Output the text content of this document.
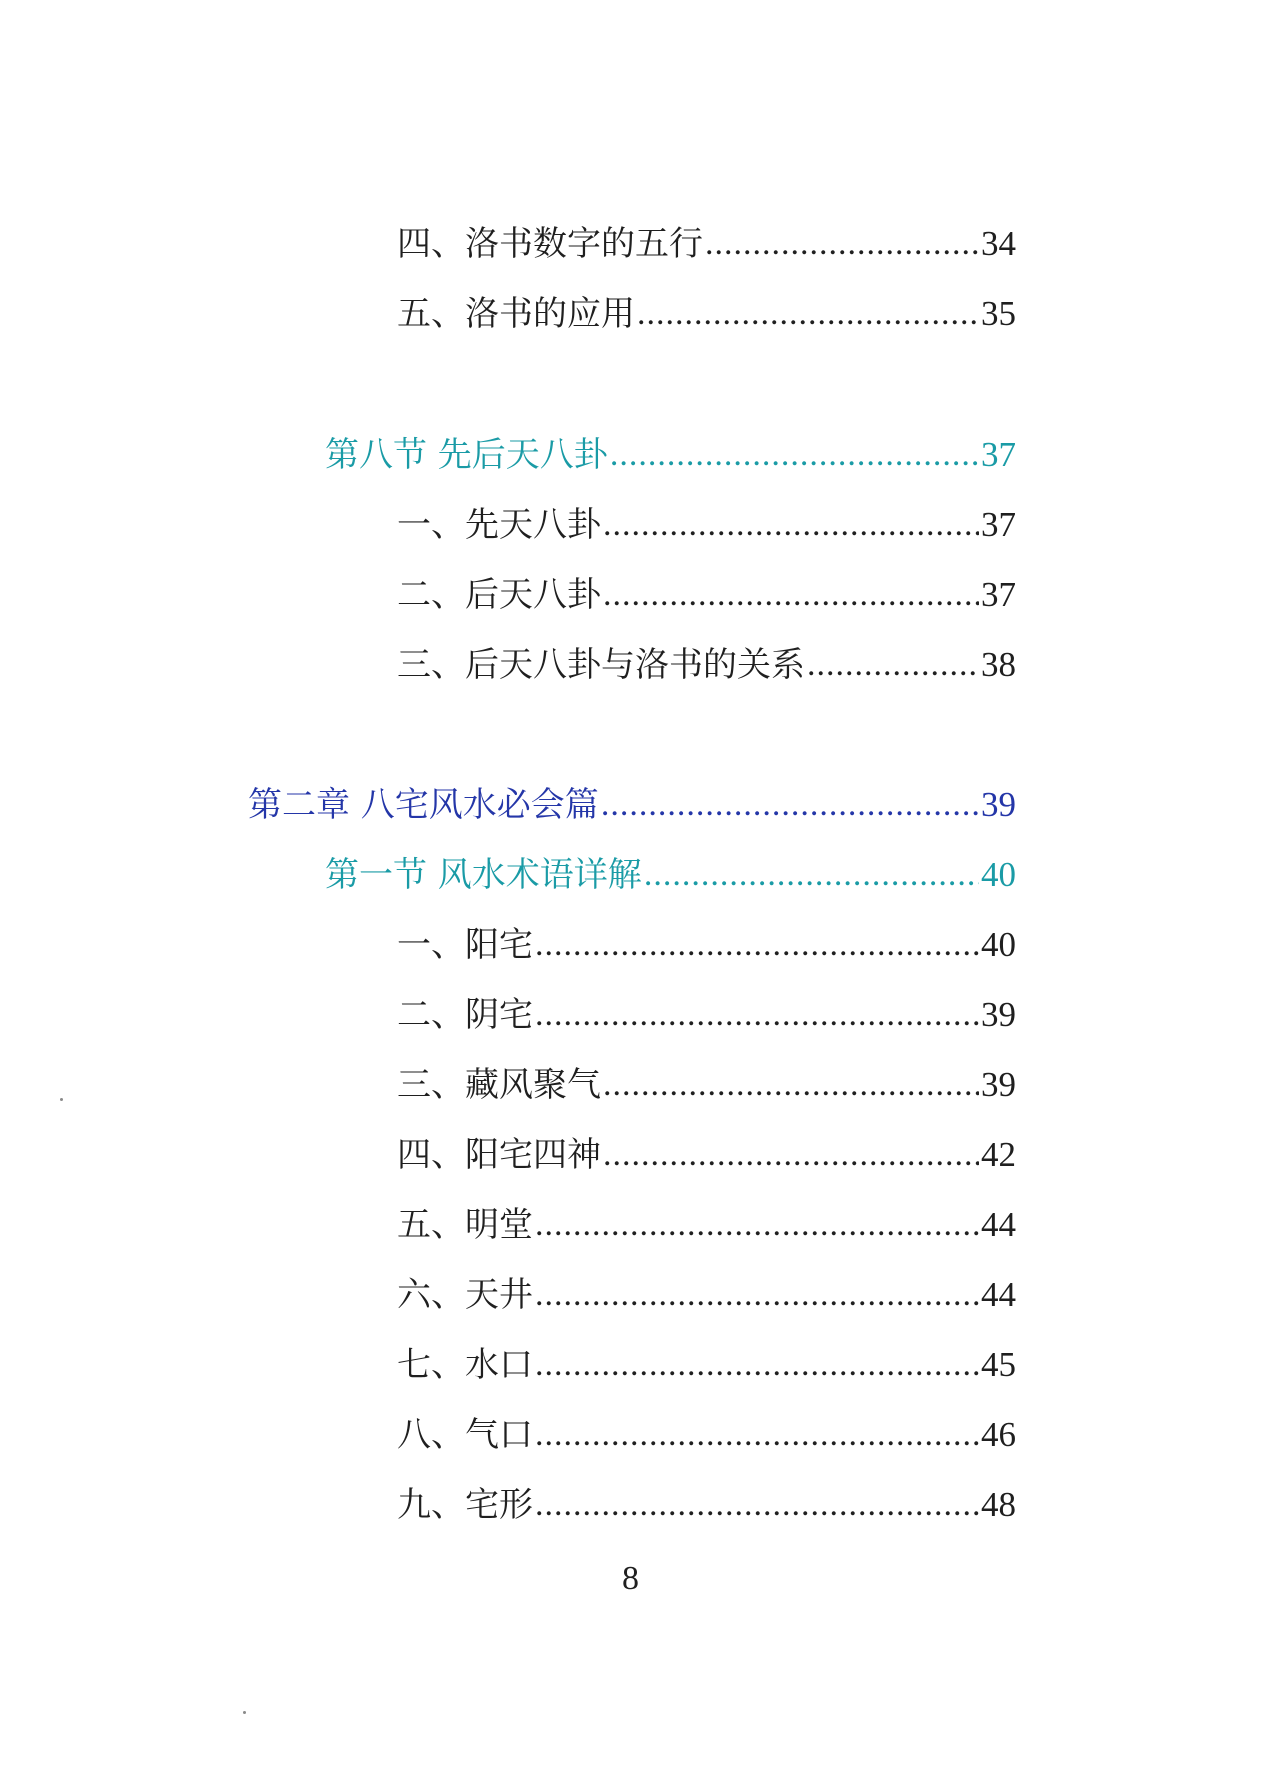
四、洛书数字的五行 .....	34
五、洛书的应用 .....	35
第八节 先后天八卦 .....	37
一、先天八卦 .....	37
二、后天八卦 .....	37
三、后天八卦与洛书的关系 .....	38
第二章 八宅风水必会篇 .....	39
第一节 风水术语详解 .....	40
一、阳宅 .....	40
二、阴宅 .....	39
三、藏风聚气 .....	39
四、阳宅四神 .....	42
五、明堂 .....	44
六、天井 .....	44
七、水口 .....	45
八、气口 .....	46
九、宅形 .....	48
8
